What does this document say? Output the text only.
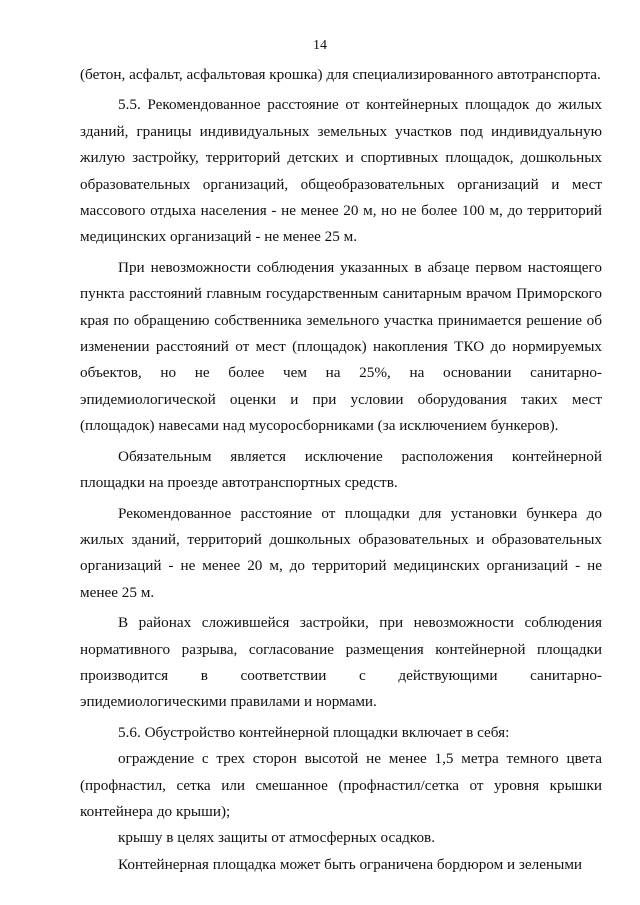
14

(бетон, асфальт, асфальтовая крошка) для специализированного автотранспорта.

5.5. Рекомендованное расстояние от контейнерных площадок до жилых зданий, границы индивидуальных земельных участков под индивидуальную жилую застройку, территорий детских и спортивных площадок, дошкольных образовательных организаций, общеобразовательных организаций и мест массового отдыха населения - не менее 20 м, но не более 100 м, до территорий медицинских организаций - не менее 25 м.

При невозможности соблюдения указанных в абзаце первом настоящего пункта расстояний главным государственным санитарным врачом Приморского края по обращению собственника земельного участка принимается решение об изменении расстояний от мест (площадок) накопления ТКО до нормируемых объектов, но не более чем на 25%, на основании санитарно-эпидемиологической оценки и при условии оборудования таких мест (площадок) навесами над мусоросборниками (за исключением бункеров).

Обязательным является исключение расположения контейнерной площадки на проезде автотранспортных средств.

Рекомендованное расстояние от площадки для установки бункера до жилых зданий, территорий дошкольных образовательных и образовательных организаций - не менее 20 м, до территорий медицинских организаций - не менее 25 м.

В районах сложившейся застройки, при невозможности соблюдения нормативного разрыва, согласование размещения контейнерной площадки производится в соответствии с действующими санитарно-эпидемиологическими правилами и нормами.

5.6. Обустройство контейнерной площадки включает в себя:

ограждение с трех сторон высотой не менее 1,5 метра темного цвета (профнастил, сетка или смешанное (профнастил/сетка от уровня крышки контейнера до крыши);

крышу в целях защиты от атмосферных осадков.

Контейнерная площадка может быть ограничена бордюром и зелеными
